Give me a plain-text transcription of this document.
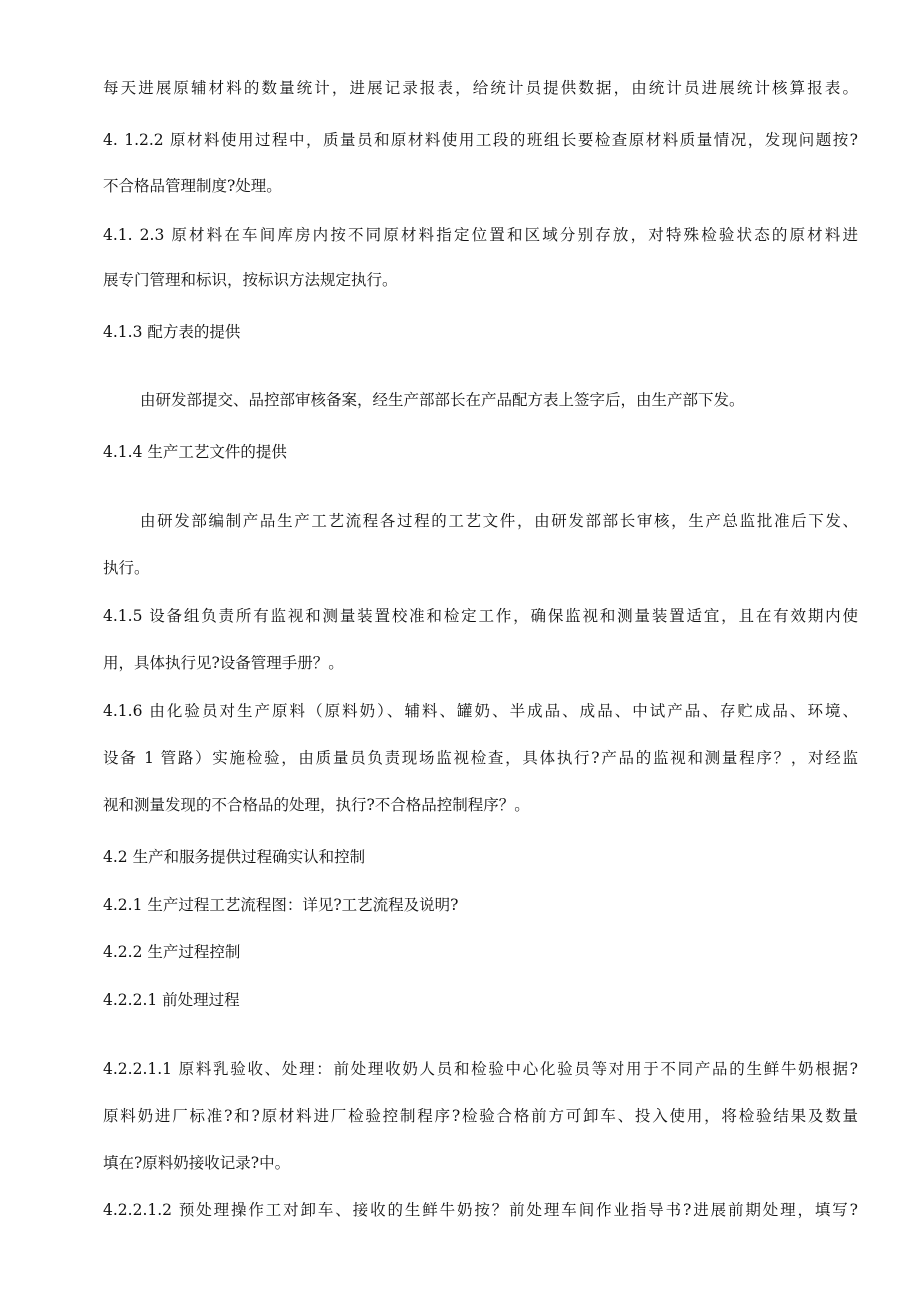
每天进展原辅材料的数量统计，进展记录报表，给统计员提供数据，由统计员进展统计核算报表。
4. 1.2.2 原材料使用过程中，质量员和原材料使用工段的班组长要检查原材料质量情况，发现问题按?
不合格品管理制度?处理。
4.1. 2.3 原材料在车间库房内按不同原材料指定位置和区域分别存放，对特殊检验状态的原材料进
展专门管理和标识，按标识方法规定执行。
4.1.3 配方表的提供
由研发部提交、品控部审核备案，经生产部部长在产品配方表上签字后，由生产部下发。
4.1.4 生产工艺文件的提供
由研发部编制产品生产工艺流程各过程的工艺文件，由研发部部长审核，生产总监批准后下发、
执行。
4.1.5 设备组负责所有监视和测量装置校准和检定工作，确保监视和测量装置适宜，且在有效期内使
用，具体执行见?设备管理手册？。
4.1.6 由化验员对生产原料（原料奶）、辅料、罐奶、半成品、成品、中试产品、存贮成品、环境、
设备 1 管路）实施检验，由质量员负责现场监视检查，具体执行?产品的监视和测量程序？，对经监
视和测量发现的不合格品的处理，执行?不合格品控制程序？。
4.2 生产和服务提供过程确实认和控制
4.2.1 生产过程工艺流程图：详见?工艺流程及说明?
4.2.2 生产过程控制
4.2.2.1 前处理过程
4.2.2.1.1 原料乳验收、处理：前处理收奶人员和检验中心化验员等对用于不同产品的生鲜牛奶根据?
原料奶进厂标准?和?原材料进厂检验控制程序?检验合格前方可卸车、投入使用，将检验结果及数量
填在?原料奶接收记录?中。
4.2.2.1.2 预处理操作工对卸车、接收的生鲜牛奶按？前处理车间作业指导书?进展前期处理，填写?
